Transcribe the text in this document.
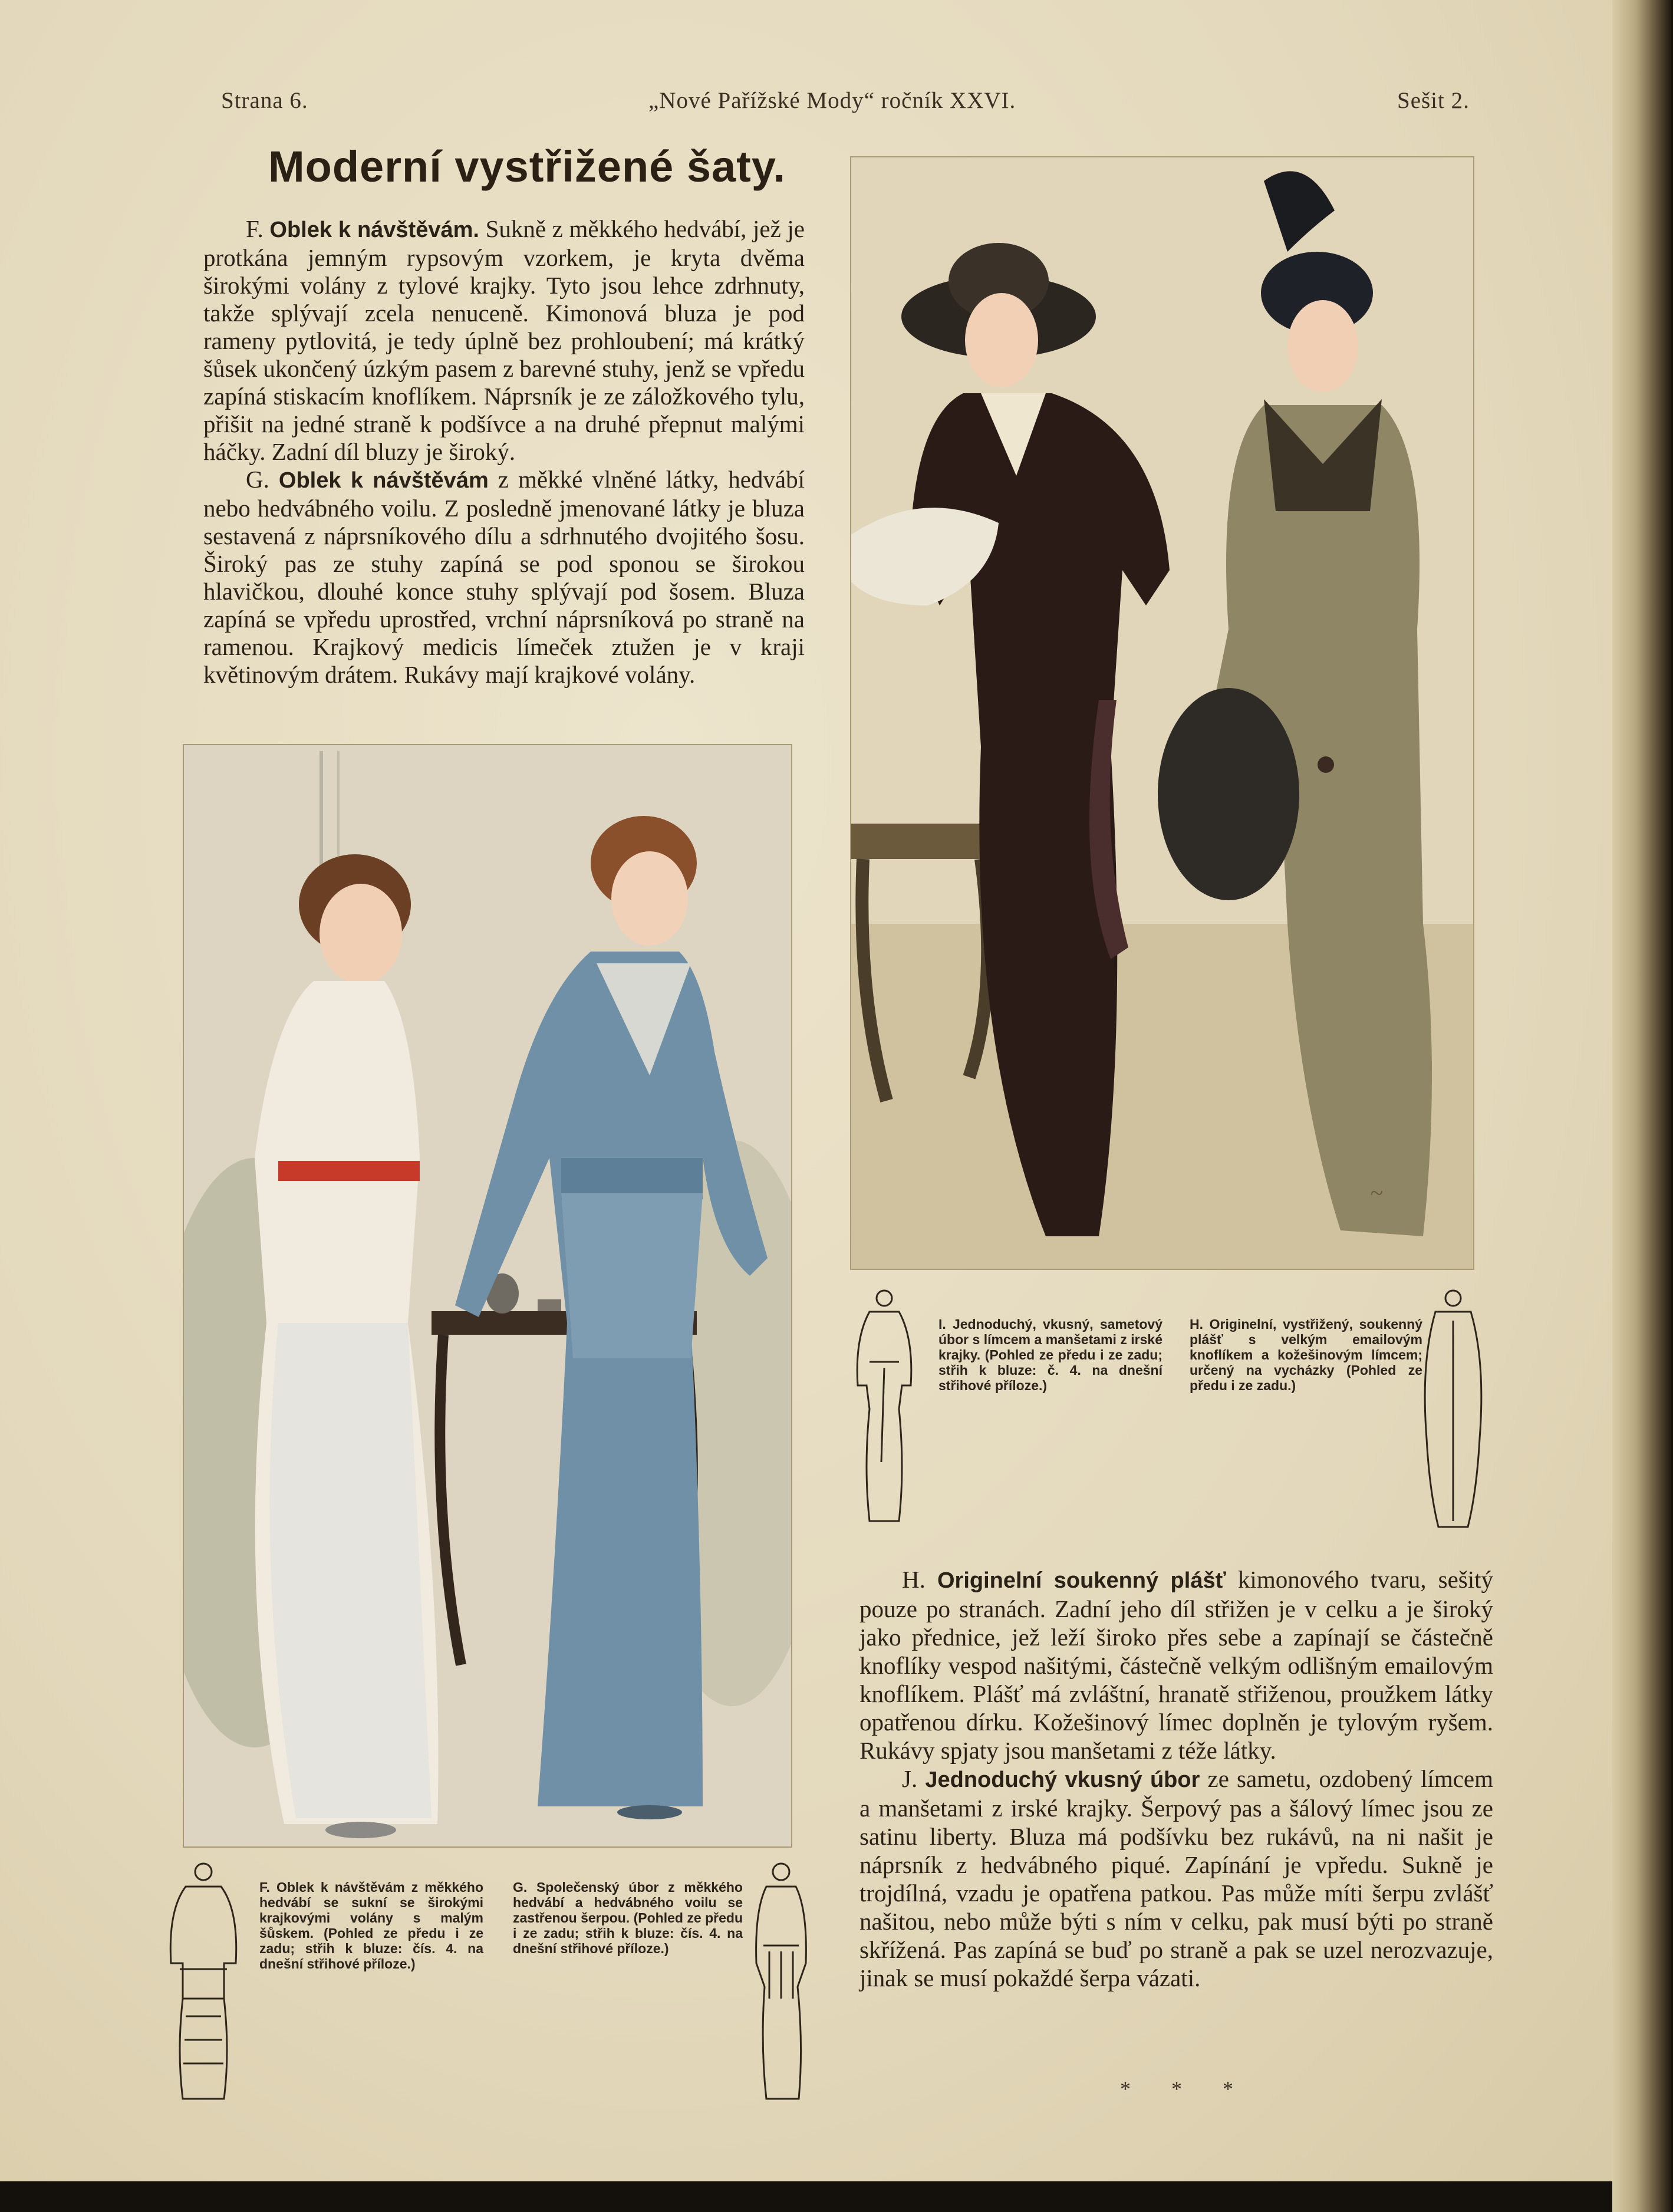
Strana 6.	„Nové Pařížské Mody“ ročník XXVI.	Sešit 2.
Moderní vystřižené šaty.

F. Oblek k návštěvám. Sukně z měkkého hedvábí, jež je protkána jemným rypsovým vzorkem, je kryta dvěma širokými volány z tylové krajky. Tyto jsou lehce zdrhnuty, takže splývají zcela nenuceně. Kimonová bluza je pod rameny pytlovitá, je tedy úplně bez prohloubení; má krátký šůsek ukončený úzkým pasem z barevné stuhy, jenž se vpředu zapíná stiskacím knoflíkem. Náprsník je ze záložkového tylu, přišit na jedné straně k podšívce a na druhé přepnut malými háčky. Zadní díl bluzy je široký.

G. Oblek k návštěvám z měkké vlněné látky, hedvábí nebo hedvábného voilu. Z posledně jmenované látky je bluza sestavená z náprsníkového dílu a sdrhnutého dvojitého šosu. Široký pas ze stuhy zapíná se pod sponou se širokou hlavičkou, dlouhé konce stuhy splývají pod šosem. Bluza zapíná se vpředu uprostřed, vrchní náprsníková po straně na ramenou. Krajkový medicis límeček ztužen je v kraji květinovým drátem. Rukávy mají krajkové volány.

~
F. Oblek k návštěvám z měkkého hedvábí se sukní se širokými krajkovými volány s malým šůskem. (Pohled ze předu i ze zadu; střih k bluze: čís. 4. na dnešní střihové příloze.)
G. Společenský úbor z měkkého hedvábí a hedvábného voilu se zastřenou šerpou. (Pohled ze předu i ze zadu; střih k bluze: čís. 4. na dnešní střihové příloze.)
I. Jednoduchý, vkusný, sametový úbor s límcem a manšetami z irské krajky. (Pohled ze předu i ze zadu; střih k bluze: č. 4. na dnešní střihové příloze.)
H. Originelní, vystřižený, soukenný plášť s velkým emailovým knoflíkem a kožešinovým límcem; určený na vycházky (Pohled ze předu i ze zadu.)

H. Originelní soukenný plášť kimonového tvaru, sešitý pouze po stranách. Zadní jeho díl střižen je v celku a je široký jako přednice, jež leží široko přes sebe a zapínají se částečně knoflíky vespod našitými, částečně velkým odlišným emailovým knoflíkem. Plášť má zvláštní, hranatě střiženou, proužkem látky opatřenou dírku. Kožešinový límec doplněn je tylovým ryšem. Rukávy spjaty jsou manšetami z téže látky.

J. Jednoduchý vkusný úbor ze sametu, ozdobený límcem a manšetami z irské krajky. Šerpový pas a šálový límec jsou ze satinu liberty. Bluza má podšívku bez rukávů, na ni našit je náprsník z hedvábného piqué. Zapínání je vpředu. Sukně je trojdílná, vzadu je opatřena patkou. Pas může míti šerpu zvlášť našitou, nebo může býti s ním v celku, pak musí býti po straně skřížená. Pas zapíná se buď po straně a pak se uzel nerozvazuje, jinak se musí pokaždé šerpa vázati.

* * *
